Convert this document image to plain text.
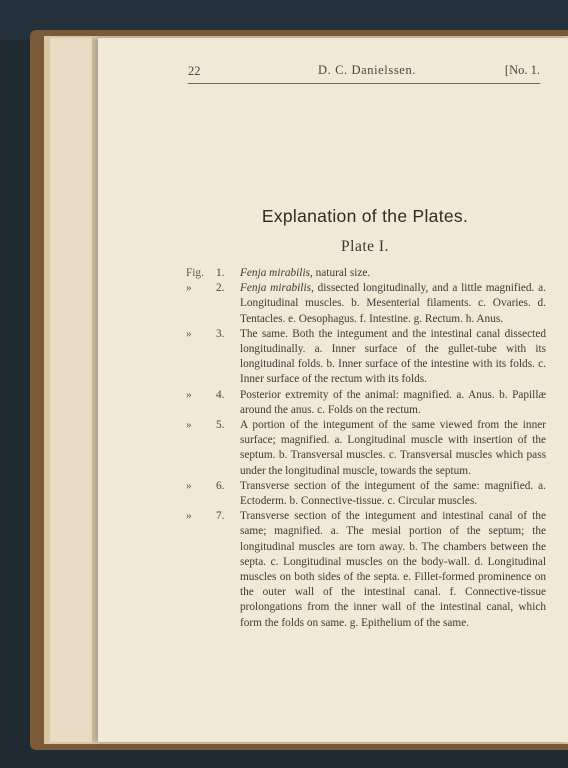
22	D. C. Danielssen.	[No. 1.
Explanation of the Plates.
Plate I.
Fig.	1.	Fenja mirabilis, natural size.
»	2.	Fenja mirabilis, dissected longitudinally, and a little magnified. a. Longitudinal muscles. b. Mesenterial filaments. c. Ovaries. d. Tentacles. e. Oesophagus. f. Intestine. g. Rectum. h. Anus.
»	3.	The same. Both the integument and the intestinal canal dissected longitudinally. a. Inner surface of the gullet-tube with its longitudinal folds. b. Inner surface of the intestine with its folds. c. Inner surface of the rectum with its folds.
»	4.	Posterior extremity of the animal: magnified. a. Anus. b. Papillæ around the anus. c. Folds on the rectum.
»	5.	A portion of the integument of the same viewed from the inner surface; magnified. a. Longitudinal muscle with insertion of the septum. b. Transversal muscles. c. Transversal muscles which pass under the longitudinal muscle, towards the septum.
»	6.	Transverse section of the integument of the same: magnified. a. Ectoderm. b. Connective-tissue. c. Circular muscles.
»	7.	Transverse section of the integument and intestinal canal of the same; magnified. a. The mesial portion of the septum; the longitudinal muscles are torn away. b. The chambers between the septa. c. Longitudinal muscles on the body-wall. d. Longitudinal muscles on both sides of the septa. e. Fillet-formed prominence on the outer wall of the intestinal canal. f. Connective-tissue prolongations from the inner wall of the intestinal canal, which form the folds on same. g. Epithelium of the same.
